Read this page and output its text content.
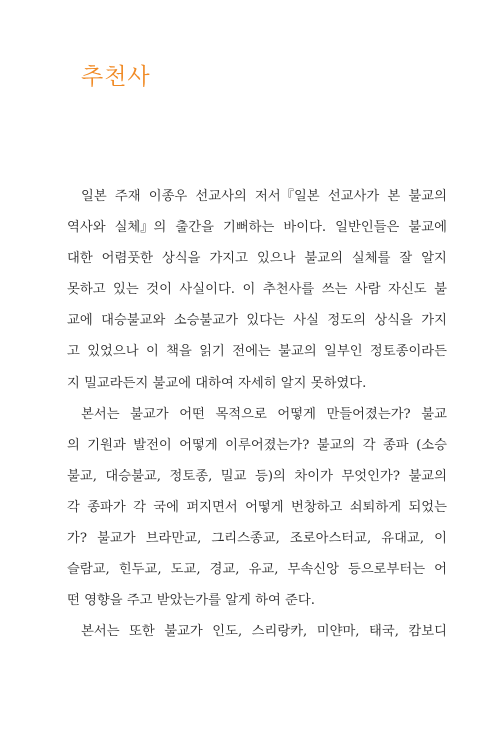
추천사
일본 주재 이종우 선교사의 저서『일본 선교사가 본 불교의
역사와 실체』의 출간을 기뻐하는 바이다. 일반인들은 불교에
대한 어렴풋한 상식을 가지고 있으나 불교의 실체를 잘 알지
못하고 있는 것이 사실이다. 이 추천사를 쓰는 사람 자신도 불
교에 대승불교와 소승불교가 있다는 사실 정도의 상식을 가지
고 있었으나 이 책을 읽기 전에는 불교의 일부인 정토종이라든
지 밀교라든지 불교에 대하여 자세히 알지 못하였다.
본서는 불교가 어떤 목적으로 어떻게 만들어졌는가? 불교
의 기원과 발전이 어떻게 이루어졌는가? 불교의 각 종파 (소승
불교, 대승불교, 정토종, 밀교 등)의 차이가 무엇인가? 불교의
각 종파가 각 국에 퍼지면서 어떻게 번창하고 쇠퇴하게 되었는
가? 불교가 브라만교, 그리스종교, 조로아스터교, 유대교, 이
슬람교, 힌두교, 도교, 경교, 유교, 무속신앙 등으로부터는 어
떤 영향을 주고 받았는가를 알게 하여 준다.
본서는 또한 불교가 인도, 스리랑카, 미얀마, 태국, 캄보디
